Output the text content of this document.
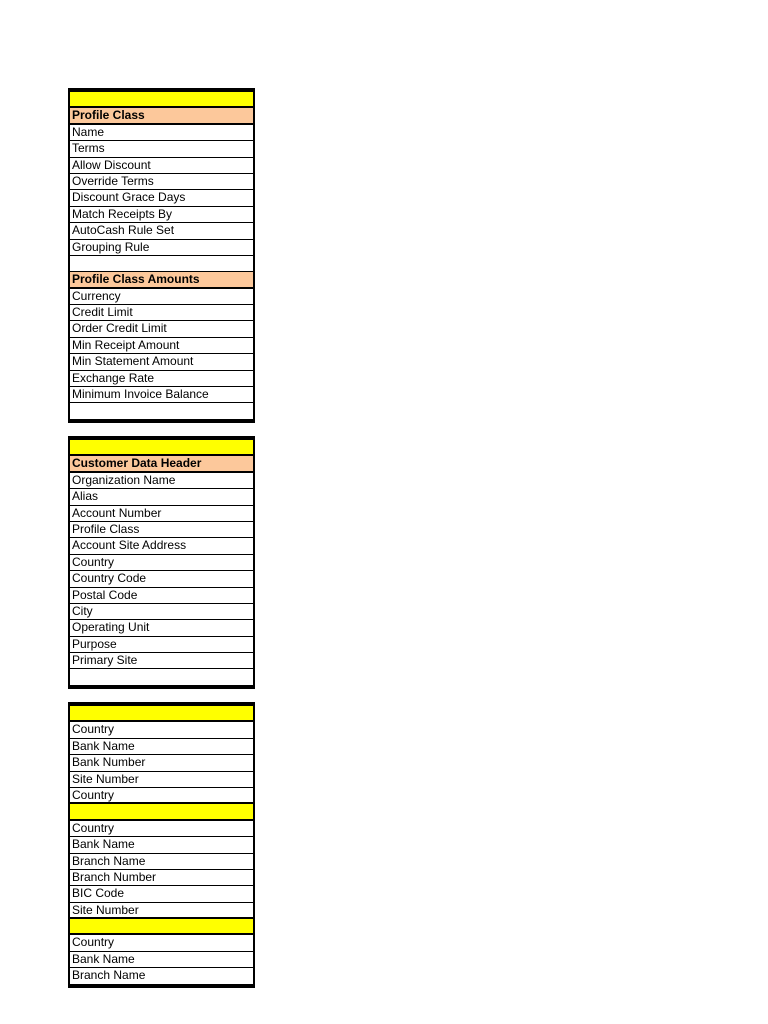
Profile Class
Name
Terms
Allow Discount
Override Terms
Discount Grace Days
Match Receipts By
AutoCash Rule Set
Grouping Rule
Profile Class Amounts
Currency
Credit Limit
Order Credit Limit
Min Receipt Amount
Min Statement Amount
Exchange Rate
Minimum Invoice Balance
Customer Data Header
Organization Name
Alias
Account Number
Profile Class
Account Site Address
Country
Country Code
Postal Code
City
Operating Unit
Purpose
Primary Site
Country
Bank Name
Bank Number
Site Number
Country
Country
Bank Name
Branch Name
Branch Number
BIC Code
Site Number
Country
Bank Name
Branch Name
